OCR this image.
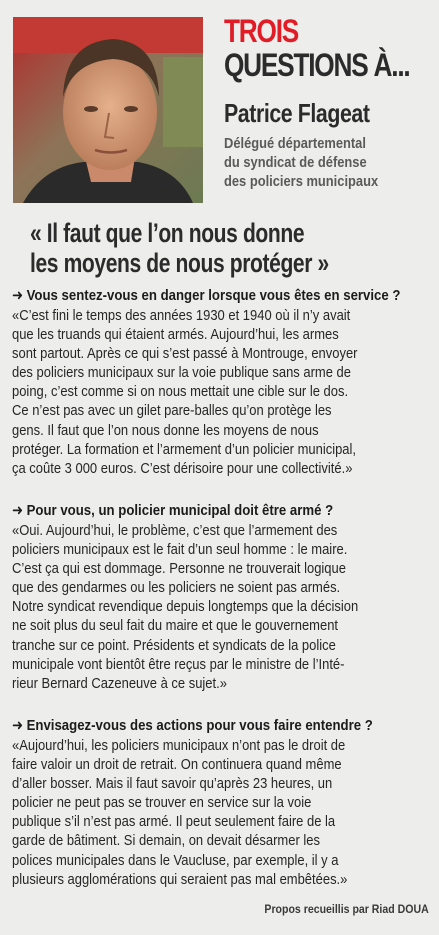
TROIS
QUESTIONS À...
Patrice Flageat
Délégué départemental
du syndicat de défense
des policiers municipaux
« Il faut que l’on nous donne
les moyens de nous protéger »
➜ Vous sentez-vous en danger lorsque vous êtes en service ?
«C’est fini le temps des années 1930 et 1940 où il n’y avait
que les truands qui étaient armés. Aujourd’hui, les armes
sont partout. Après ce qui s’est passé à Montrouge, envoyer
des policiers municipaux sur la voie publique sans arme de
poing, c’est comme si on nous mettait une cible sur le dos.
Ce n’est pas avec un gilet pare-balles qu’on protège les
gens. Il faut que l’on nous donne les moyens de nous
protéger. La formation et l’armement d’un policier municipal,
ça coûte 3 000 euros. C’est dérisoire pour une collectivité.»
➜ Pour vous, un policier municipal doit être armé ?
«Oui. Aujourd’hui, le problème, c’est que l’armement des
policiers municipaux est le fait d’un seul homme : le maire.
C’est ça qui est dommage. Personne ne trouverait logique
que des gendarmes ou les policiers ne soient pas armés.
Notre syndicat revendique depuis longtemps que la décision
ne soit plus du seul fait du maire et que le gouvernement
tranche sur ce point. Présidents et syndicats de la police
municipale vont bientôt être reçus par le ministre de l’Inté-
rieur Bernard Cazeneuve à ce sujet.»
➜ Envisagez-vous des actions pour vous faire entendre ?
«Aujourd’hui, les policiers municipaux n’ont pas le droit de
faire valoir un droit de retrait. On continuera quand même
d’aller bosser. Mais il faut savoir qu’après 23 heures, un
policier ne peut pas se trouver en service sur la voie
publique s’il n’est pas armé. Il peut seulement faire de la
garde de bâtiment. Si demain, on devait désarmer les
polices municipales dans le Vaucluse, par exemple, il y a
plusieurs agglomérations qui seraient pas mal embêtées.»
Propos recueillis par Riad DOUA
